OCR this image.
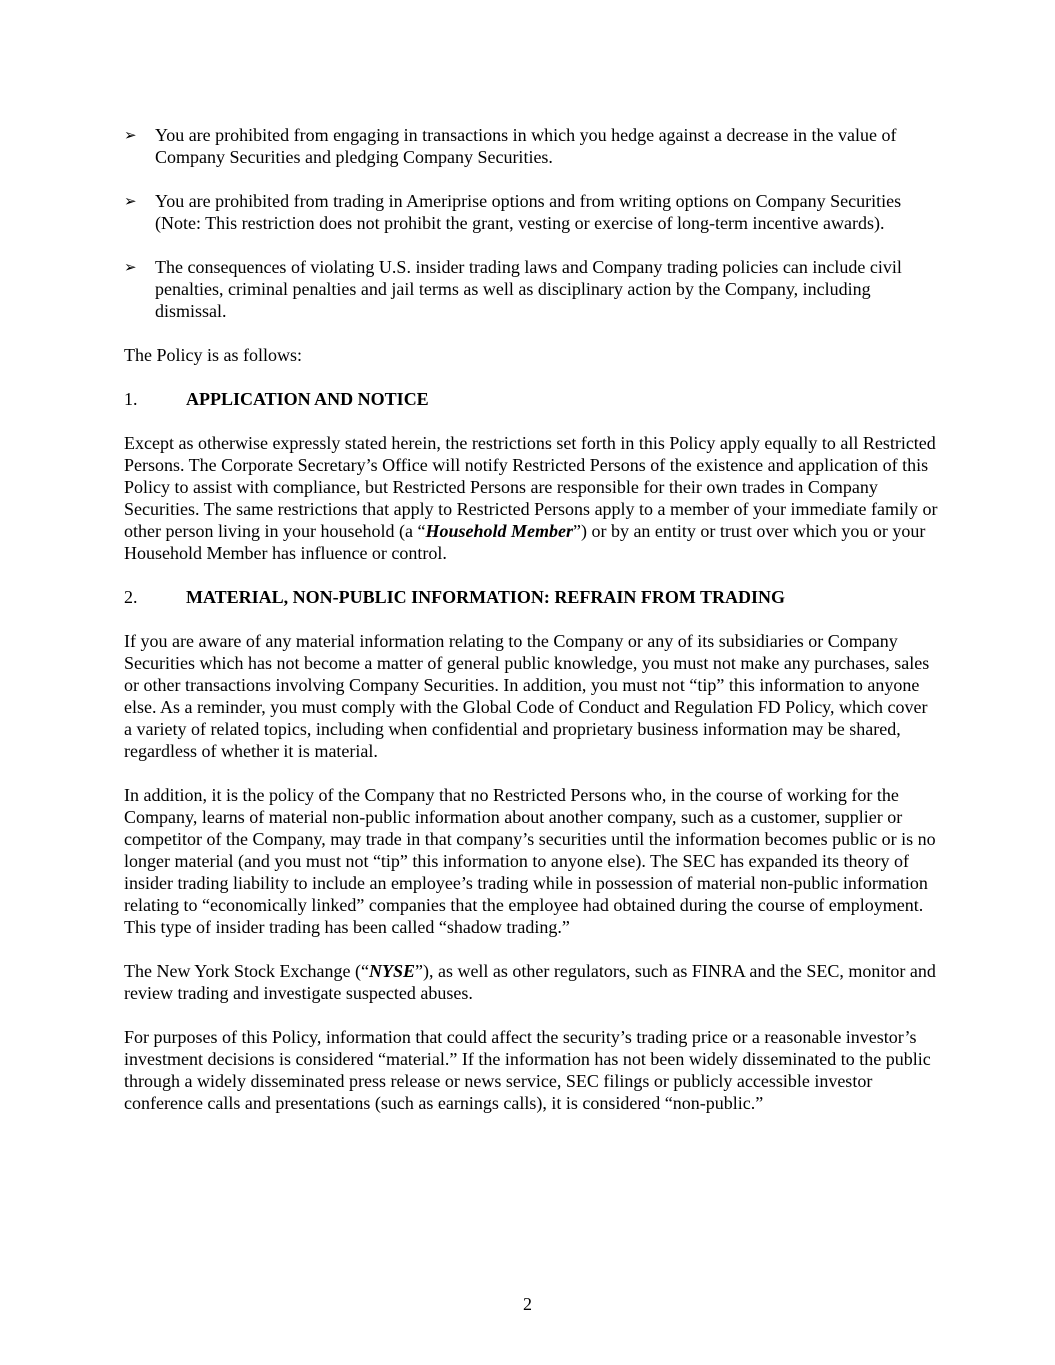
➢ You are prohibited from engaging in transactions in which you hedge against a decrease in the value of Company Securities and pledging Company Securities.
➢ You are prohibited from trading in Ameriprise options and from writing options on Company Securities (Note: This restriction does not prohibit the grant, vesting or exercise of long-term incentive awards).
➢ The consequences of violating U.S. insider trading laws and Company trading policies can include civil penalties, criminal penalties and jail terms as well as disciplinary action by the Company, including dismissal.

The Policy is as follows:

1.	APPLICATION AND NOTICE

Except as otherwise expressly stated herein, the restrictions set forth in this Policy apply equally to all Restricted Persons. The Corporate Secretary’s Office will notify Restricted Persons of the existence and application of this Policy to assist with compliance, but Restricted Persons are responsible for their own trades in Company Securities. The same restrictions that apply to Restricted Persons apply to a member of your immediate family or other person living in your household (a “Household Member”) or by an entity or trust over which you or your Household Member has influence or control.

2.	MATERIAL, NON-PUBLIC INFORMATION: REFRAIN FROM TRADING

If you are aware of any material information relating to the Company or any of its subsidiaries or Company Securities which has not become a matter of general public knowledge, you must not make any purchases, sales or other transactions involving Company Securities. In addition, you must not “tip” this information to anyone else. As a reminder, you must comply with the Global Code of Conduct and Regulation FD Policy, which cover a variety of related topics, including when confidential and proprietary business information may be shared, regardless of whether it is material.

In addition, it is the policy of the Company that no Restricted Persons who, in the course of working for the Company, learns of material non-public information about another company, such as a customer, supplier or competitor of the Company, may trade in that company’s securities until the information becomes public or is no longer material (and you must not “tip” this information to anyone else). The SEC has expanded its theory of insider trading liability to include an employee’s trading while in possession of material non-public information relating to “economically linked” companies that the employee had obtained during the course of employment. This type of insider trading has been called “shadow trading.”

The New York Stock Exchange (“NYSE”), as well as other regulators, such as FINRA and the SEC, monitor and review trading and investigate suspected abuses.

For purposes of this Policy, information that could affect the security’s trading price or a reasonable investor’s investment decisions is considered “material.” If the information has not been widely disseminated to the public through a widely disseminated press release or news service, SEC filings or publicly accessible investor conference calls and presentations (such as earnings calls), it is considered “non-public.”

2
